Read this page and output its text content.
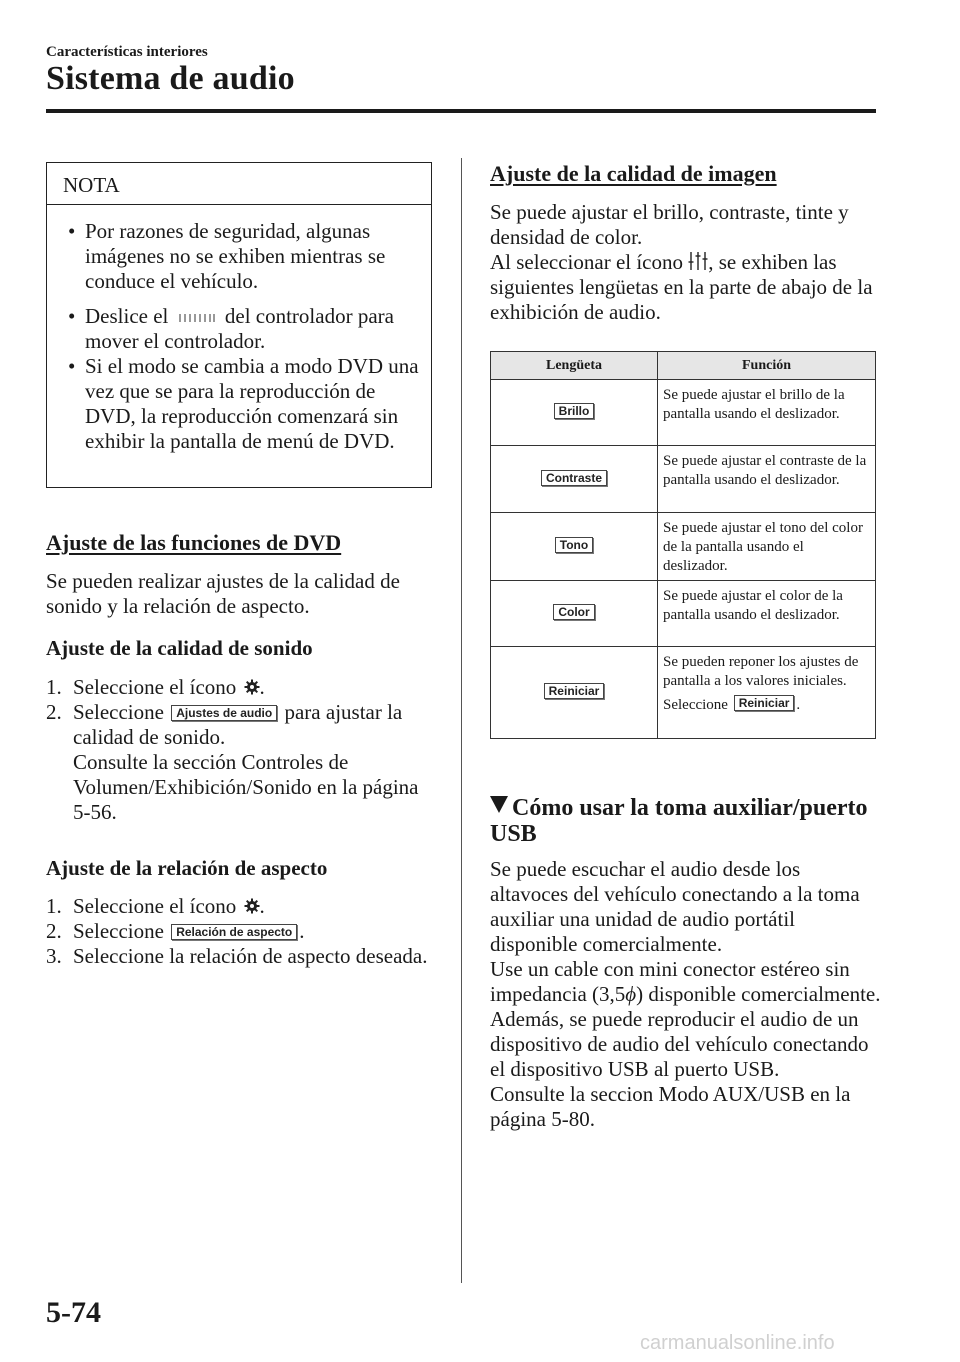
Características interiores
Sistema de audio
NOTA
• Por razones de seguridad, algunas imágenes no se exhiben mientras se conduce el vehículo.
• Deslice el	del controlador para mover el controlador.
• Si el modo se cambia a modo DVD una vez que se para la reproducción de DVD, la reproducción comenzará sin exhibir la pantalla de menú de DVD.
Ajuste de las funciones de DVD
Se pueden realizar ajustes de la calidad de sonido y la relación de aspecto.
Ajuste de la calidad de sonido
1. Seleccione el ícono .
2. Seleccione Ajustes de audio para ajustar la calidad de sonido.
Consulte la sección Controles de Volumen/Exhibición/Sonido en la página 5-56.
Ajuste de la relación de aspecto
1. Seleccione el ícono .
2. Seleccione Relación de aspecto .
3. Seleccione la relación de aspecto deseada.
Ajuste de la calidad de imagen
Se puede ajustar el brillo, contraste, tinte y densidad de color.
Al seleccionar el ícono , se exhiben las siguientes lengüetas en la parte de abajo de la exhibición de audio.
Lengüeta	Función
Brillo	Se puede ajustar el brillo de la pantalla usando el deslizador.
Contraste	Se puede ajustar el contraste de la pantalla usando el deslizador.
Tono	Se puede ajustar el tono del color de la pantalla usando el deslizador.
Color	Se puede ajustar el color de la pantalla usando el deslizador.
Reiniciar	Se pueden reponer los ajustes de pantalla a los valores iniciales.
Seleccione Reiniciar .
Cómo usar la toma auxiliar/puerto USB
Se puede escuchar el audio desde los altavoces del vehículo conectando a la toma auxiliar una unidad de audio portátil disponible comercialmente.
Use un cable con mini conector estéreo sin impedancia (3,5ϕ) disponible comercialmente.
Además, se puede reproducir el audio de un dispositivo de audio del vehículo conectando el dispositivo USB al puerto USB.
Consulte la seccion Modo AUX/USB en la página 5-80.
5-74
carmanualsonline.info
